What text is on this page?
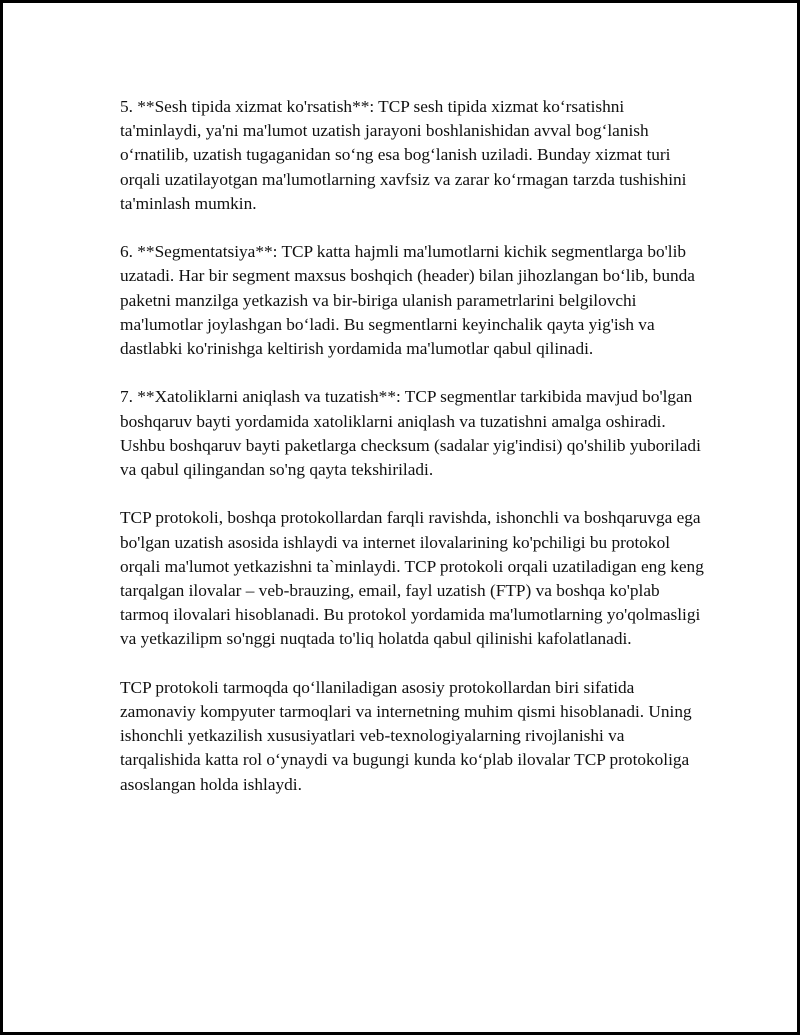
5. **Sesh tipida xizmat ko'rsatish**: TCP sesh tipida xizmat ko‘rsatishni ta'minlaydi, ya'ni ma'lumot uzatish jarayoni boshlanishidan avval bog‘lanish o‘rnatilib, uzatish tugaganidan so‘ng esa bog‘lanish uziladi. Bunday xizmat turi orqali uzatilayotgan ma'lumotlarning xavfsiz va zarar ko‘rmagan tarzda tushishini ta'minlash mumkin.

6. **Segmentatsiya**: TCP katta hajmli ma'lumotlarni kichik segmentlarga bo'lib uzatadi. Har bir segment maxsus boshqich (header) bilan jihozlangan bo‘lib, bunda paketni manzilga yetkazish va bir-biriga ulanish parametrlarini belgilovchi ma'lumotlar joylashgan bo‘ladi. Bu segmentlarni keyinchalik qayta yig'ish va dastlabki ko'rinishga keltirish yordamida ma'lumotlar qabul qilinadi.

7. **Xatoliklarni aniqlash va tuzatish**: TCP segmentlar tarkibida mavjud bo'lgan boshqaruv bayti yordamida xatoliklarni aniqlash va tuzatishni amalga oshiradi. Ushbu boshqaruv bayti paketlarga checksum (sadalar yig'indisi) qo'shilib yuboriladi va qabul qilingandan so'ng qayta tekshiriladi.

TCP protokoli, boshqa protokollardan farqli ravishda, ishonchli va boshqaruvga ega bo'lgan uzatish asosida ishlaydi va internet ilovalarining ko'pchiligi bu protokol orqali ma'lumot yetkazishni ta`minlaydi. TCP protokoli orqali uzatiladigan eng keng tarqalgan ilovalar – veb-brauzing, email, fayl uzatish (FTP) va boshqa ko'plab tarmoq ilovalari hisoblanadi. Bu protokol yordamida ma'lumotlarning yo'qolmasligi va yetkazilipm so'nggi nuqtada to'liq holatda qabul qilinishi kafolatlanadi.

TCP protokoli tarmoqda qo‘llaniladigan asosiy protokollardan biri sifatida zamonaviy kompyuter tarmoqlari va internetning muhim qismi hisoblanadi. Uning ishonchli yetkazilish xususiyatlari veb-texnologiyalarning rivojlanishi va tarqalishida katta rol o‘ynaydi va bugungi kunda ko‘plab ilovalar TCP protokoliga asoslangan holda ishlaydi.
